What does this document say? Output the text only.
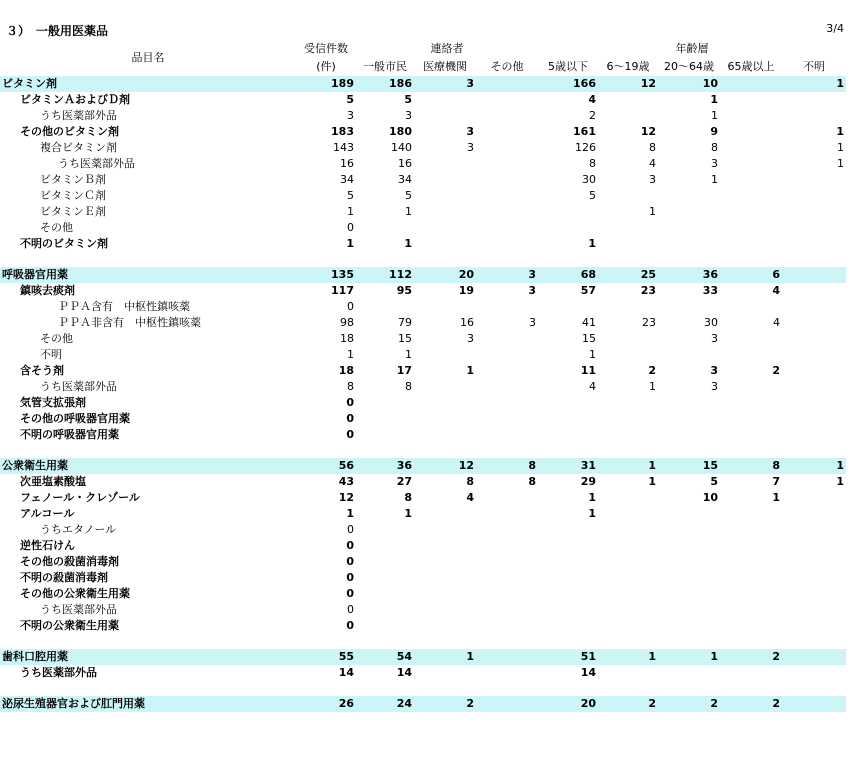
３）　一般用医薬品	3/4
品目名	受信件数	連絡者			年齢層				
	(件)	一般市民	医療機関	その他	5歳以下	6～19歳	20～64歳	65歳以上	不明
ビタミン剤	189	186	3		166	12	10		1
ビタミンＡおよびＤ剤	5	5			4		1		
うち医薬部外品	3	3			2		1		
その他のビタミン剤	183	180	3		161	12	9		1
複合ビタミン剤	143	140	3		126	8	8		1
うち医薬部外品	16	16			8	4	3		1
ビタミンＢ剤	34	34			30	3	1		
ビタミンＣ剤	5	5			5				
ビタミンＥ剤	1	1				1			
その他	0								
不明のビタミン剤	1	1			1				

呼吸器官用薬	135	112	20	3	68	25	36	6	
鎮咳去痰剤	117	95	19	3	57	23	33	4	
ＰＰＡ含有　中枢性鎮咳薬	0								
ＰＰＡ非含有　中枢性鎮咳薬	98	79	16	3	41	23	30	4	
その他	18	15	3		15		3		
不明	1	1			1				
含そう剤	18	17	1		11	2	3	2	
うち医薬部外品	8	8			4	1	3		
気管支拡張剤	0								
その他の呼吸器官用薬	0								
不明の呼吸器官用薬	0								

公衆衛生用薬	56	36	12	8	31	1	15	8	1
次亜塩素酸塩	43	27	8	8	29	1	5	7	1
フェノール・クレゾール	12	8	4		1		10	1	
アルコール	1	1			1				
うちエタノール	0								
逆性石けん	0								
その他の殺菌消毒剤	0								
不明の殺菌消毒剤	0								
その他の公衆衛生用薬	0								
うち医薬部外品	0								
不明の公衆衛生用薬	0								

歯科口腔用薬	55	54	1		51	1	1	2	
うち医薬部外品	14	14			14				

泌尿生殖器官および肛門用薬	26	24	2		20	2	2	2	
